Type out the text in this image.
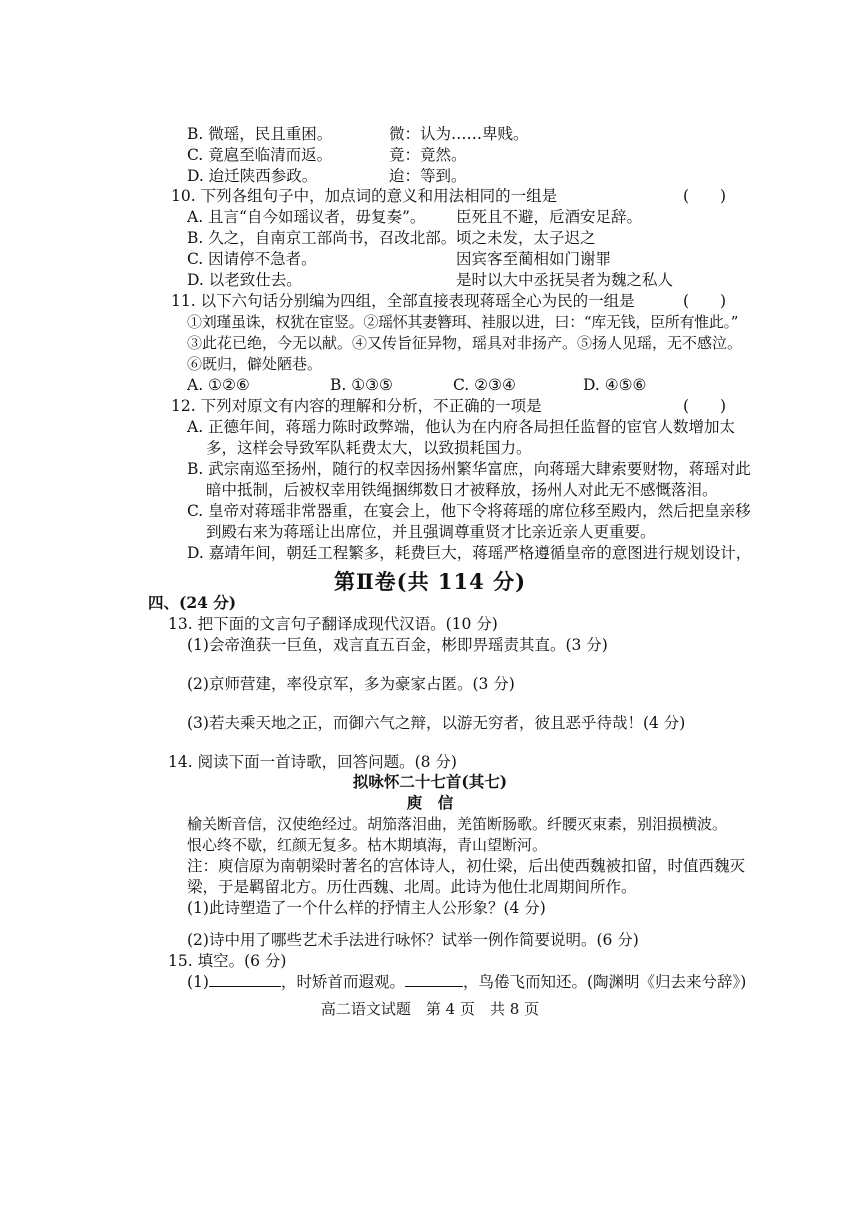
B. 微瑶，民且重困。	微：认为……卑贱。
C. 竟扈至临清而返。	竟：竟然。
D. 迨迁陕西参政。	迨：等到。
10. 下列各组句子中，加点词的意义和用法相同的一组是	(　　)
A. 且言“自今如瑶议者，毋复奏”。 臣死且不避，卮酒安足辞。
B. 久之，自南京工部尚书，召改北部。 顷之未发，太子迟之
C. 因请停不急者。	因宾客至蔺相如门谢罪
D. 以老致仕去。	是时以大中丞抚吴者为魏之私人
11. 以下六句话分别编为四组，全部直接表现蒋瑶全心为民的一组是	(　　)
①刘瑾虽诛，权犹在宦竖。②瑶怀其妻簪珥、袿服以进，曰：“库无钱，臣所有惟此。”
③此花已绝，今无以献。④又传旨征异物，瑶具对非扬产。⑤扬人见瑶，无不感泣。
⑥既归，僻处陋巷。
A. ①②⑥	B. ①③⑤	C. ②③④	D. ④⑤⑥
12. 下列对原文有内容的理解和分析，不正确的一项是	(　　)
A. 正德年间，蒋瑶力陈时政弊端，他认为在内府各局担任监督的宦官人数增加太
多，这样会导致军队耗费太大，以致损耗国力。
B. 武宗南巡至扬州，随行的权幸因扬州繁华富庶，向蒋瑶大肆索要财物，蒋瑶对此
暗中抵制，后被权幸用铁绳捆绑数日才被释放，扬州人对此无不感慨落泪。
C. 皇帝对蒋瑶非常器重，在宴会上，他下令将蒋瑶的席位移至殿内，然后把皇亲移
到殿右来为蒋瑶让出席位，并且强调尊重贤才比亲近亲人更重要。
D. 嘉靖年间，朝廷工程繁多，耗费巨大，蒋瑶严格遵循皇帝的意图进行规划设计，
第Ⅱ卷(共 114 分)
四、(24 分)
13. 把下面的文言句子翻译成现代汉语。(10 分)
(1)会帝渔获一巨鱼，戏言直五百金，彬即畀瑶责其直。(3 分)
(2)京师营建，率役京军，多为豪家占匿。(3 分)
(3)若夫乘天地之正，而御六气之辩，以游无穷者，彼且恶乎待哉！(4 分)
14. 阅读下面一首诗歌，回答问题。(8 分)
拟咏怀二十七首(其七)
庾　信
榆关断音信，汉使绝经过。胡笳落泪曲，羌笛断肠歌。纤腰灭束素，别泪损横波。
恨心终不歇，红颜无复多。枯木期填海，青山望断河。
注：庾信原为南朝梁时著名的宫体诗人，初仕梁，后出使西魏被扣留，时值西魏灭
梁，于是羁留北方。历仕西魏、北周。此诗为他仕北周期间所作。
(1)此诗塑造了一个什么样的抒情主人公形象？(4 分)
(2)诗中用了哪些艺术手法进行咏怀？试举一例作简要说明。(6 分)
15. 填空。(6 分)
(1)	，时矫首而遐观。	，鸟倦飞而知还。(陶渊明《归去来兮辞》)
高二语文试题　第 4 页　共 8 页
